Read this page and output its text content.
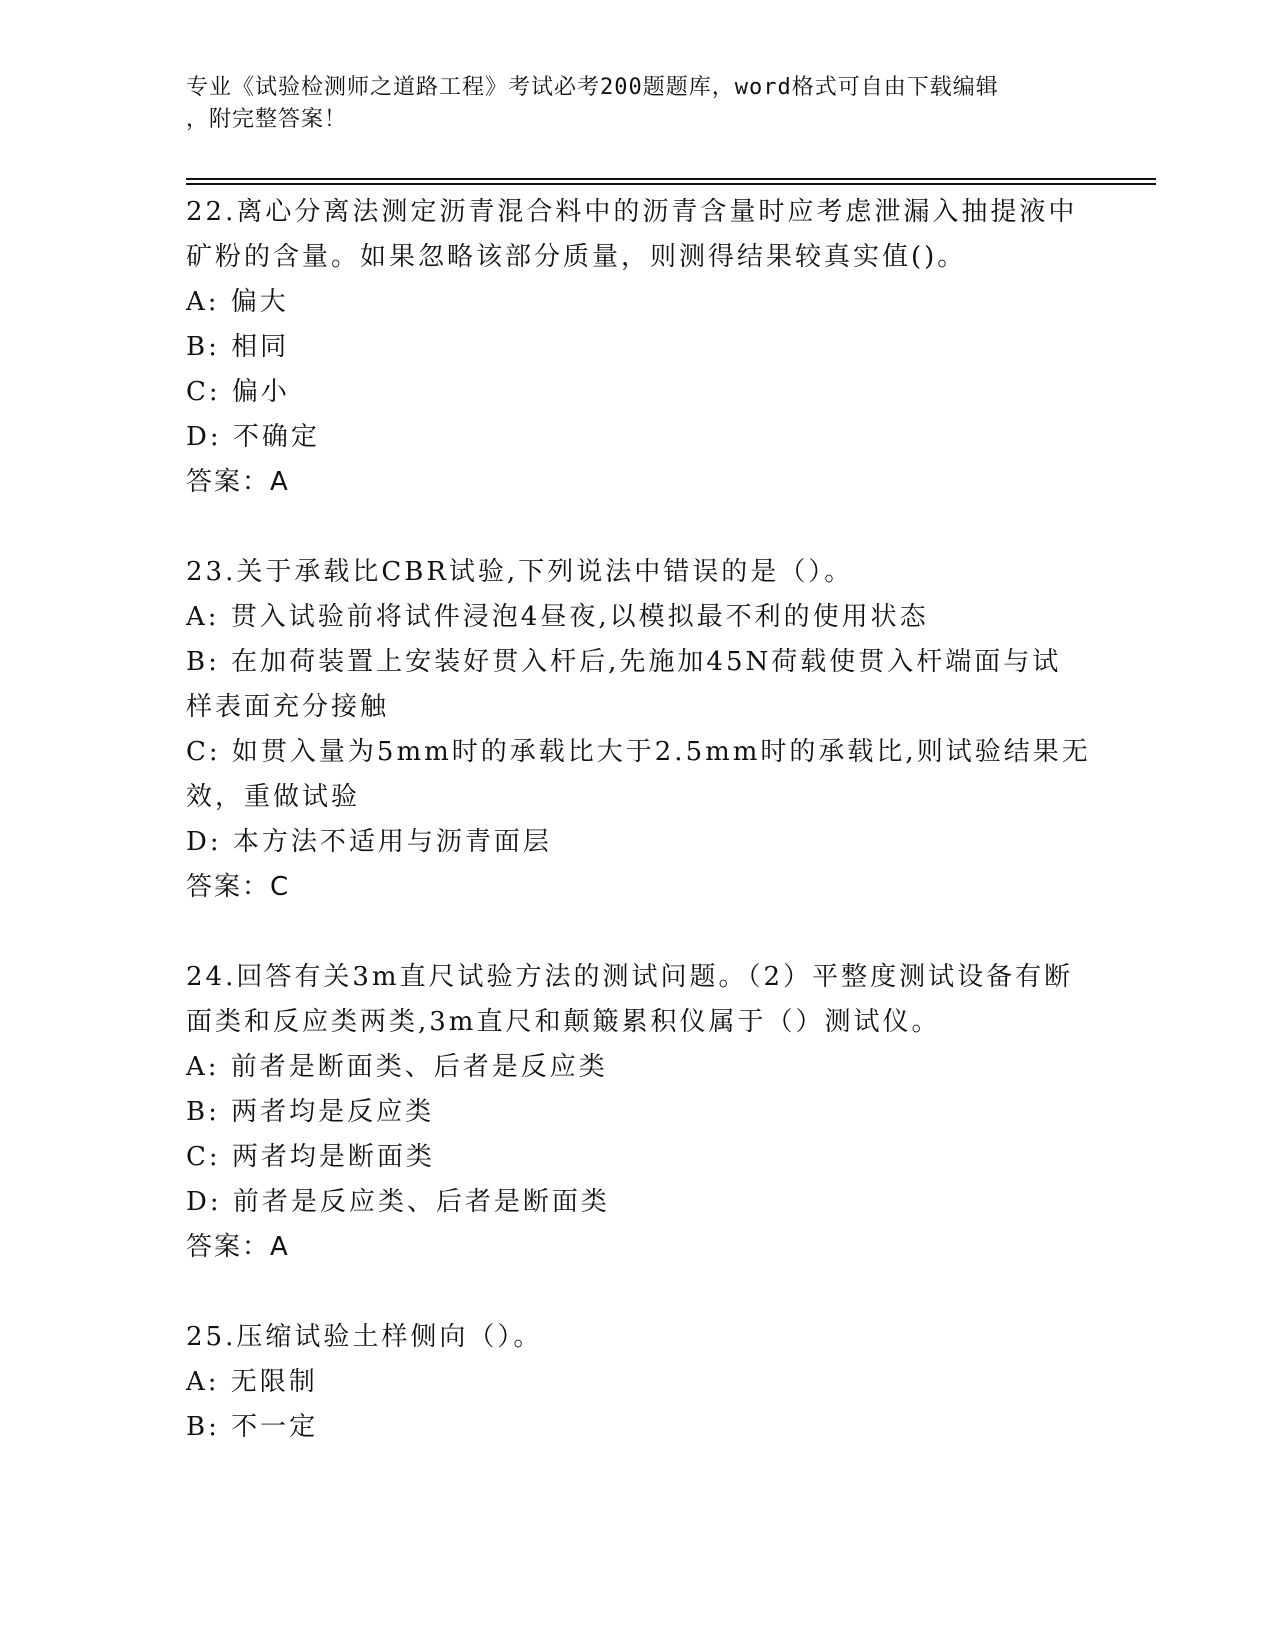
专业《试验检测师之道路工程》考试必考200题题库，word格式可自由下载编辑
，附完整答案！
22.离心分离法测定沥青混合料中的沥青含量时应考虑泄漏入抽提液中
矿粉的含量。如果忽略该部分质量，则测得结果较真实值()。
A: 偏大
B: 相同
C: 偏小
D: 不确定
答案：A
23.关于承载比CBR试验,下列说法中错误的是（）。
A: 贯入试验前将试件浸泡4昼夜,以模拟最不利的使用状态
B: 在加荷装置上安装好贯入杆后,先施加45N荷载使贯入杆端面与试
样表面充分接触
C: 如贯入量为5mm时的承载比大于2.5mm时的承载比,则试验结果无
效，重做试验
D: 本方法不适用与沥青面层
答案：C
24.回答有关3m直尺试验方法的测试问题。（2）平整度测试设备有断
面类和反应类两类,3m直尺和颠簸累积仪属于（）测试仪。
A: 前者是断面类、后者是反应类
B: 两者均是反应类
C: 两者均是断面类
D: 前者是反应类、后者是断面类
答案：A
25.压缩试验土样侧向（）。
A: 无限制
B: 不一定
